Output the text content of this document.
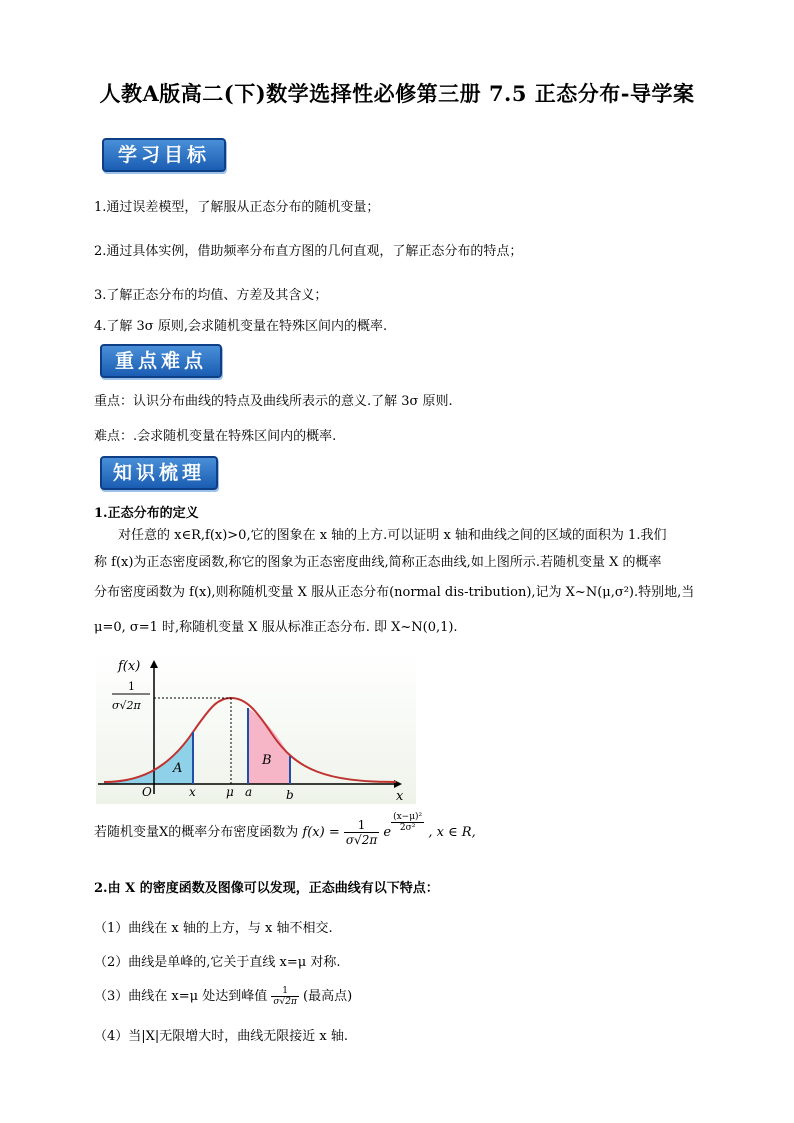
人教A版高二(下)数学选择性必修第三册 7.5 正态分布-导学案
学习目标
1.通过误差模型，了解服从正态分布的随机变量；
2.通过具体实例，借助频率分布直方图的几何直观，了解正态分布的特点；
3.了解正态分布的均值、方差及其含义；
4.了解 3σ 原则,会求随机变量在特殊区间内的概率.
重点难点
重点：认识分布曲线的特点及曲线所表示的意义.了解 3σ 原则.
难点：.会求随机变量在特殊区间内的概率.
知识梳理
1.正态分布的定义
对任意的 x∈R,f(x)>0,它的图象在 x 轴的上方.可以证明 x 轴和曲线之间的区域的面积为 1.我们
称 f(x)为正态密度函数,称它的图象为正态密度曲线,简称正态曲线,如上图所示.若随机变量 X 的概率
分布密度函数为 f(x),则称随机变量 X 服从正态分布(normal dis-tribution),记为 X~N(μ,σ²).特别地,当
μ=0, σ=1 时,称随机变量 X 服从标准正态分布. 即 X~N(0,1).
f(x)
1
σ√2π
x
O	x	μ a	b
A
B
若随机变量X的概率分布密度函数为 $f(x) = \frac{1}{\sigma√2\pi}$ e $\frac{\text{(x−μ)²}}{\text{2σ²}}$ , x ∈ R,
2.由 X 的密度函数及图像可以发现，正态曲线有以下特点：
（1）曲线在 x 轴的上方，与 x 轴不相交.
（2）曲线是单峰的,它关于直线 x=μ 对称.
（3）曲线在 x=μ 处达到峰值 $\frac{1}{\sigma√2\pi}$ (最高点)
（4）当|X|无限增大时，曲线无限接近 x 轴.
